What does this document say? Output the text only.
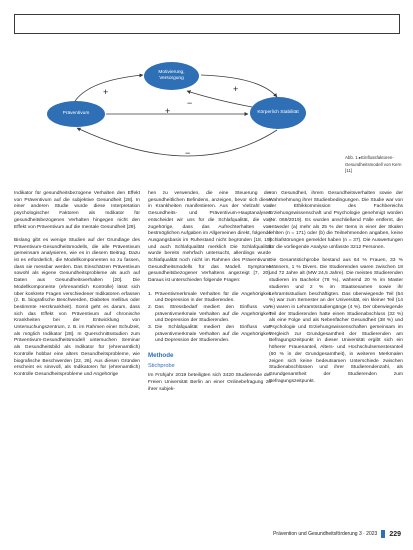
Motivierung, Versorgung
Präventivum	Körperlich Stabilität
+	+
+
−
−	Abb. 1 ▸Einflussfaktoren-Gesundheitsmodell von Kern [11]

Indikator für gesundheitsbezogene Verhalten den Effekt von Präventivum auf die subjektive Gesundheit [28]. In einer anderen Studie wurde diese Interpretation psychologischer Faktoren als Indikator für gesundheitsbezogenes Verhalten hingegen nicht den Effekt von Präventivum auf die mentale Gesundheit [29].

Bislang gibt es wenige Studien auf der Grundlage des Präventivum-Gesundheitsmodells, die alle Präventivum gemeinsam analysieren, wie es in diesem Beitrag. Dazu ist es erforderlich, die Modellkomponenten so zu fassen, dass sie messbar werden. Das Einschätzen Präventivum sowohl als eigene Gesundheitsprobleme als auch auf Daten aus Gesundheitsverhalten [20]. Die Modellkomponente (ehrenamtlich Kontrolle) lässt sich über konkrete Fragen verschiedener Indikatoren erfassen (z. B. biografische Beschwerden, Diabetes mellitus oder bestimmte Herzkrankheit). Somit geht es darum, dass sich das Effekt von Präventivum auf chronische Krankheiten bei der Entwicklung von Untersuchungszentrum, z. B. im Rahmen einer Schulzeit, als möglich Indikator [28]. In Querschnittsstudien zum Präventivum-Gesundheitsmodell untersuchen Seminar als Gesundheitsbild als Indikator für (ehrenamtlich) Kontrolle hobbar eine alters Gesundheitsprobleme, wie biografische Beschwerden [22, 26]. Aus diesen Gründen erscheint es sinnvoll, als Indikatoren für (ehrenamtlich) Kontrolle Gesundheitsprobleme und Angehörige

hen zu verwenden, die eine Steuerung der gesundheitlichen Befindens, anzeigen, bevor sich diese in Krankheiten manifestieren. Aus der Vielzahl von Gesundheits- und Präventivum-Hauptanalysen entscheidet wir uns für die Schlafqualität, die von zugehörige, dass das Aufrechterhalten von bestmöglichen Aufgaben im Allgemeinen direkt, folgende Ausgangsbasis im Ruhestand nicht begründen [18, 19] und auch Schlafqualität merklich Die Schlafqualität wurde bereits mehrfach untersucht, allerdings wurde Schlafqualität noch nicht im Rahmen des Präventivum-Gesundheitsmodells für das Modell. Symptome gesundheitsbezogener Verhaltens angezeigt [7, 20]. Daraus ist unterschieden folgende Fragen:

1. Präventivmerkmale Verhalten für die Angehörigkeit und Depression in der Studierenden.
2. Das Stressbedarf mediert den Einfluss von präventivmerkmale Verhalten auf die Angehörigkeit und Depression der Studierenden.
3. Die Schlafqualität mediert den Einfluss von präventivmerkmale Verhalten auf die Angehörigkeit und Depression der Studierenden.
Methode
Stichprobe

Im Frühjahr 2019 beteiligten sich 3420 Studierende der Freien Universität Berlin an einer Onlinebefragung zu ihrer subjek-

von Gesundheit, ihrem Gesundheitsverhalten sowie der Wahrnehmung ihrer Studienbedingungen. Die Studie war von der Ethikkommission des Fachbereichs Erziehungswissenschaft und Psychologie genehmigt worden (Nr. 069/2019). Es wurden anschließend Fälle entfernt, die entweder (a) mehr als 25 % der Items in einer der Skalen fehlten (n = 171) oder (b) die Teilnehmenden angaben, keine Schlafstörungen gemeldet haben (n = 37). Die Auswertungen für die vorliegende Analyse umfasste 3212 Personen.

Die Gesamtstichprobe bestand aus 64 % Frauen, 33 % Männern, 1 % Divers. Die Studierenden waren zwischen 18 und 72 Jahre alt (MW 24,5 Jahre). Die meisten Studierenden studieren im Bachelor (78 %), während 20 % im Master studieren und 2 % im Staatsexamen sowie ihr Lehramtsstudium beschäftigten. Das überwiegende Teil (54 %) war zum Semester an der Universität, ein kleiner Teil (14 %) waren in Lehramtsstudiengänge (4 %). Der überwiegende Teil der Studierenden hatte einen Studienabschluss (32 %) als eine Folge und als Nebenfächer Gesundheit (38 %) und Psychologie und Erziehungswissenschaften gemeinsam im Vergleich zur Grundgesamtheit der Studierenden am Befragungszeitpunkt in dieser Universität ergibt sich ein höherer Frauenanteil, Alters- und Hochschulsemesteranteil (60 % in der Grundgesamtheit), in weiteren Merkmalen zeigen sich keine bedeutsamen Unterschiede zwischen Studienabschlüssen und ihrer Studierendenzahl, als Grundgesamtheit der Studierenden zum Befragungszeitpunkt.

Prävention und Gesundheitsförderung 3 · 2023 229
